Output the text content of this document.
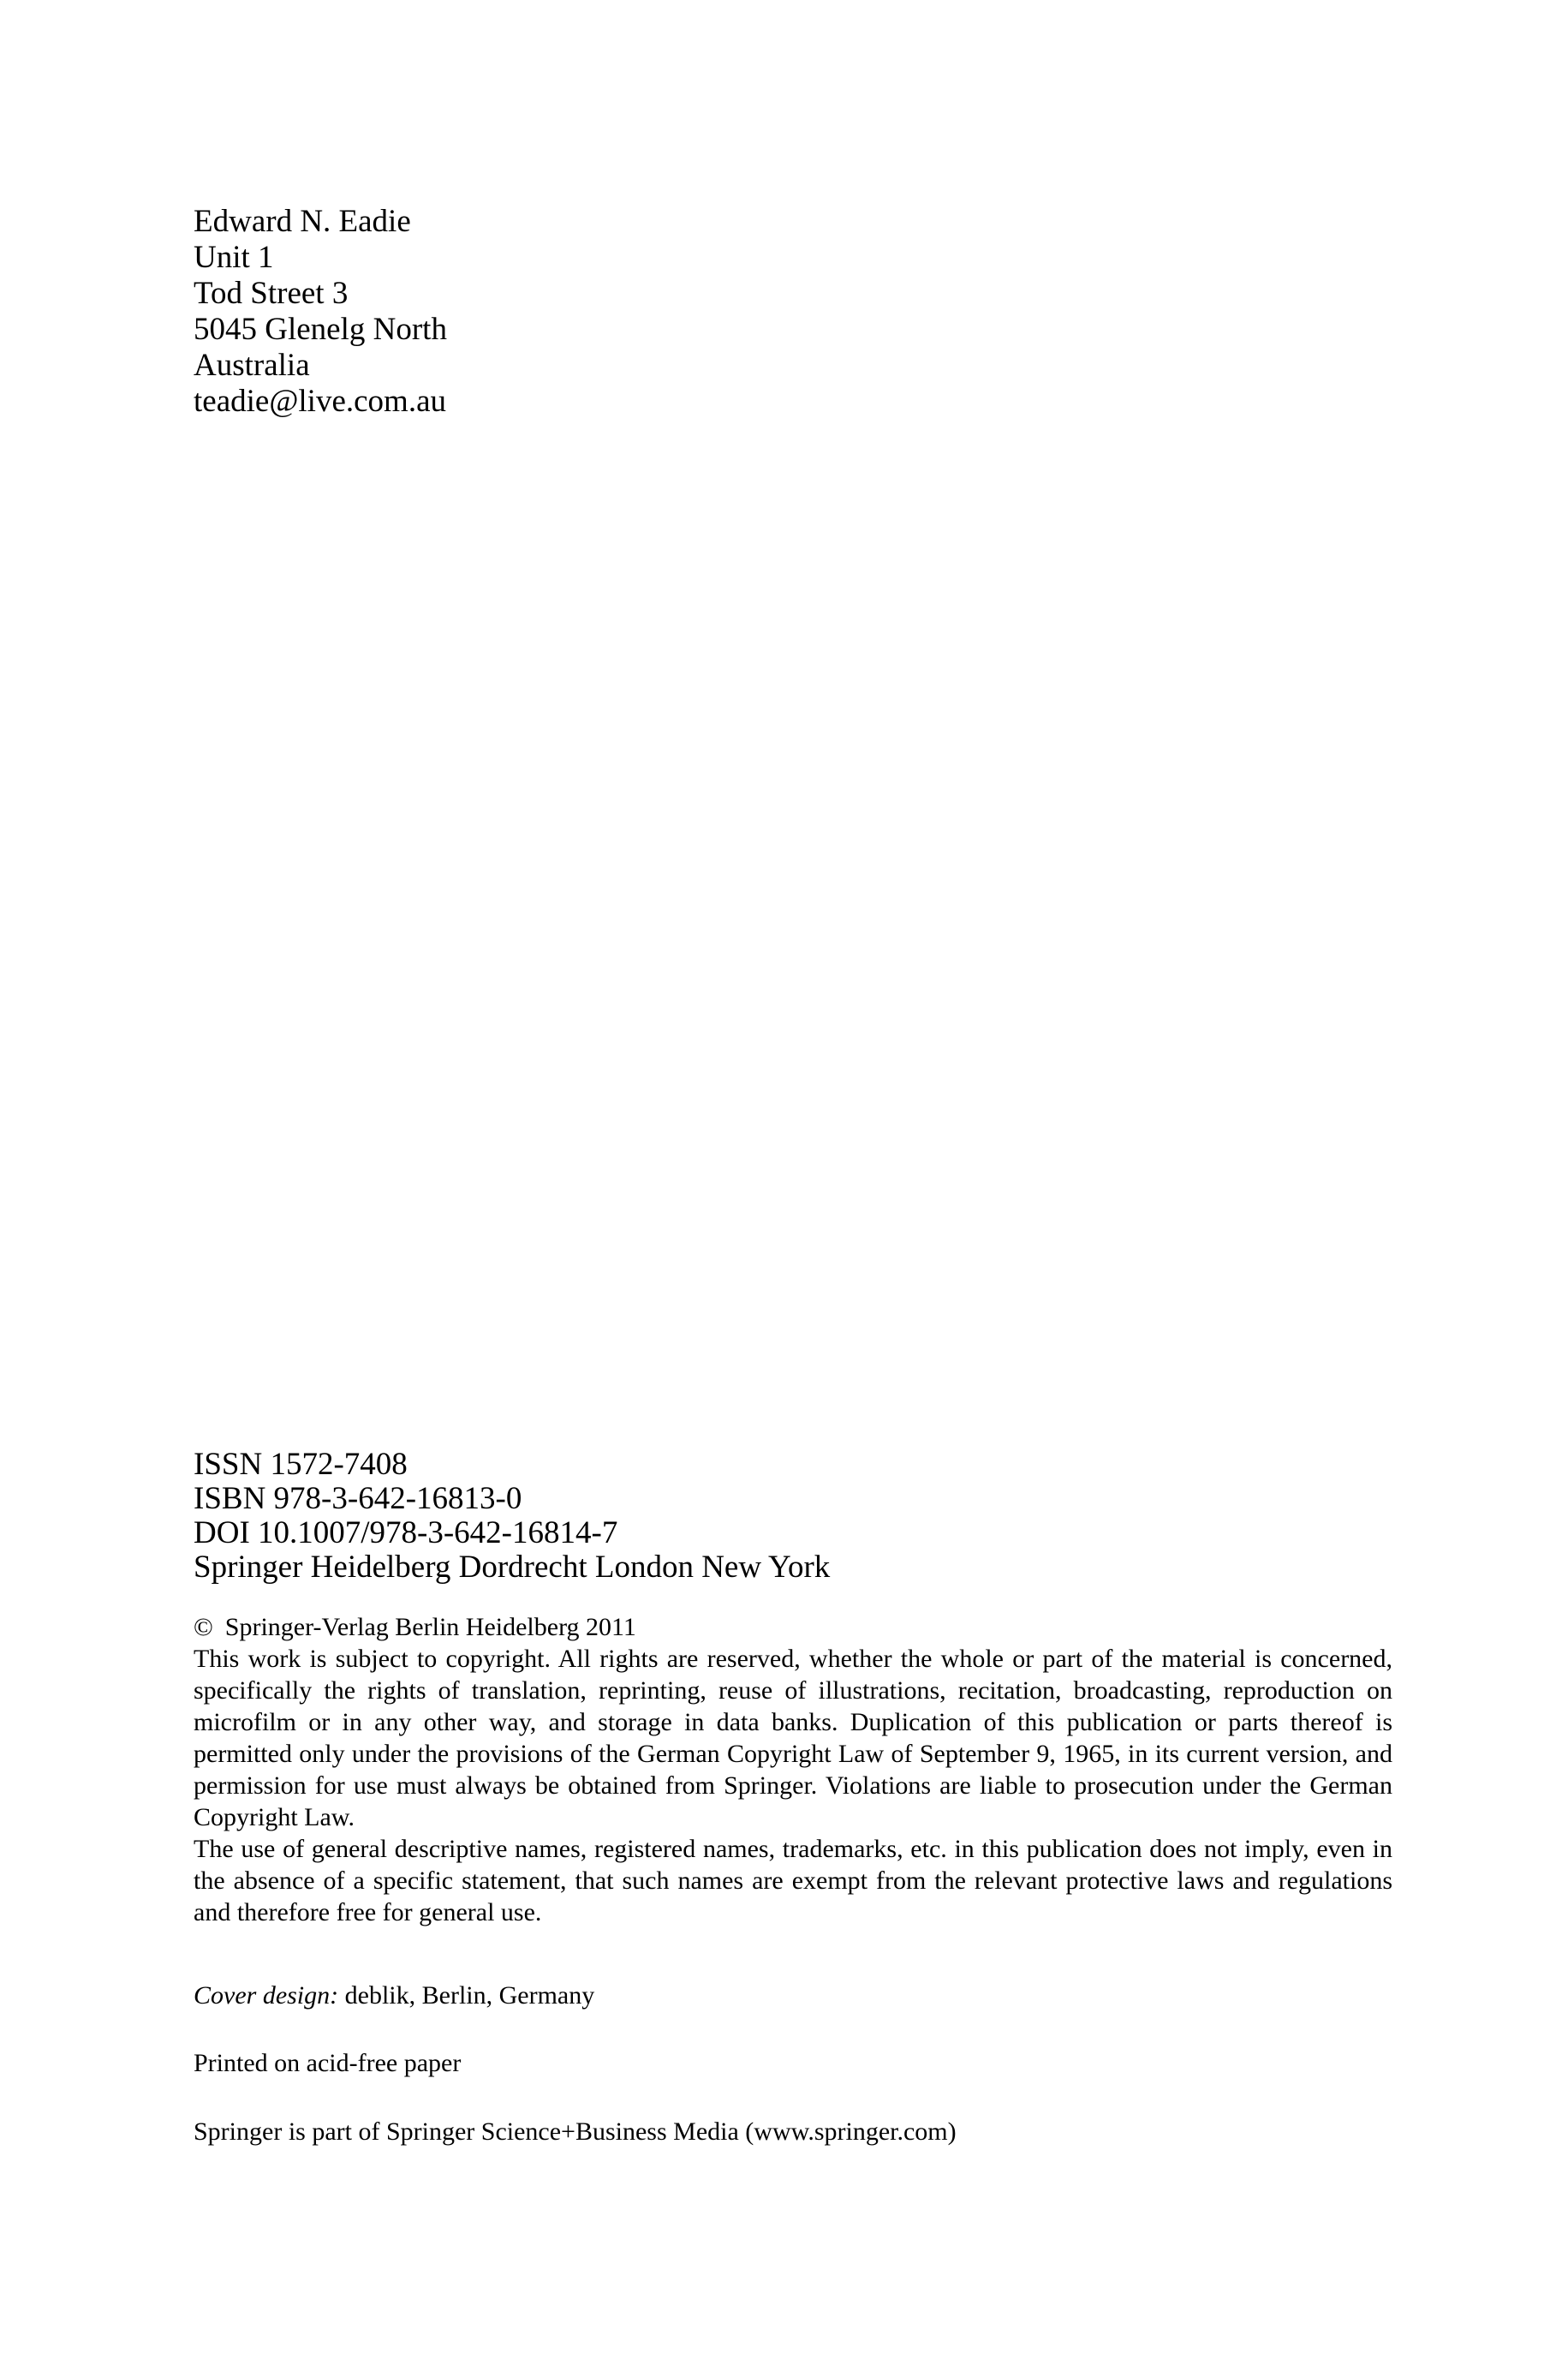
Edward N. Eadie
Unit 1
Tod Street 3
5045 Glenelg North
Australia
teadie@live.com.au
ISSN 1572-7408
ISBN 978-3-642-16813-0
DOI 10.1007/978-3-642-16814-7
Springer Heidelberg Dordrecht London New York
© Springer-Verlag Berlin Heidelberg 2011
This work is subject to copyright. All rights are reserved, whether the whole or part of the material is concerned, specifically the rights of translation, reprinting, reuse of illustrations, recitation, broadcasting, reproduction on microfilm or in any other way, and storage in data banks. Duplication of this publication or parts thereof is permitted only under the provisions of the German Copyright Law of September 9, 1965, in its current version, and permission for use must always be obtained from Springer. Violations are liable to prosecution under the German Copyright Law.
The use of general descriptive names, registered names, trademarks, etc. in this publication does not imply, even in the absence of a specific statement, that such names are exempt from the relevant protective laws and regulations and therefore free for general use.
Cover design: deblik, Berlin, Germany
Printed on acid-free paper
Springer is part of Springer Science+Business Media (www.springer.com)
